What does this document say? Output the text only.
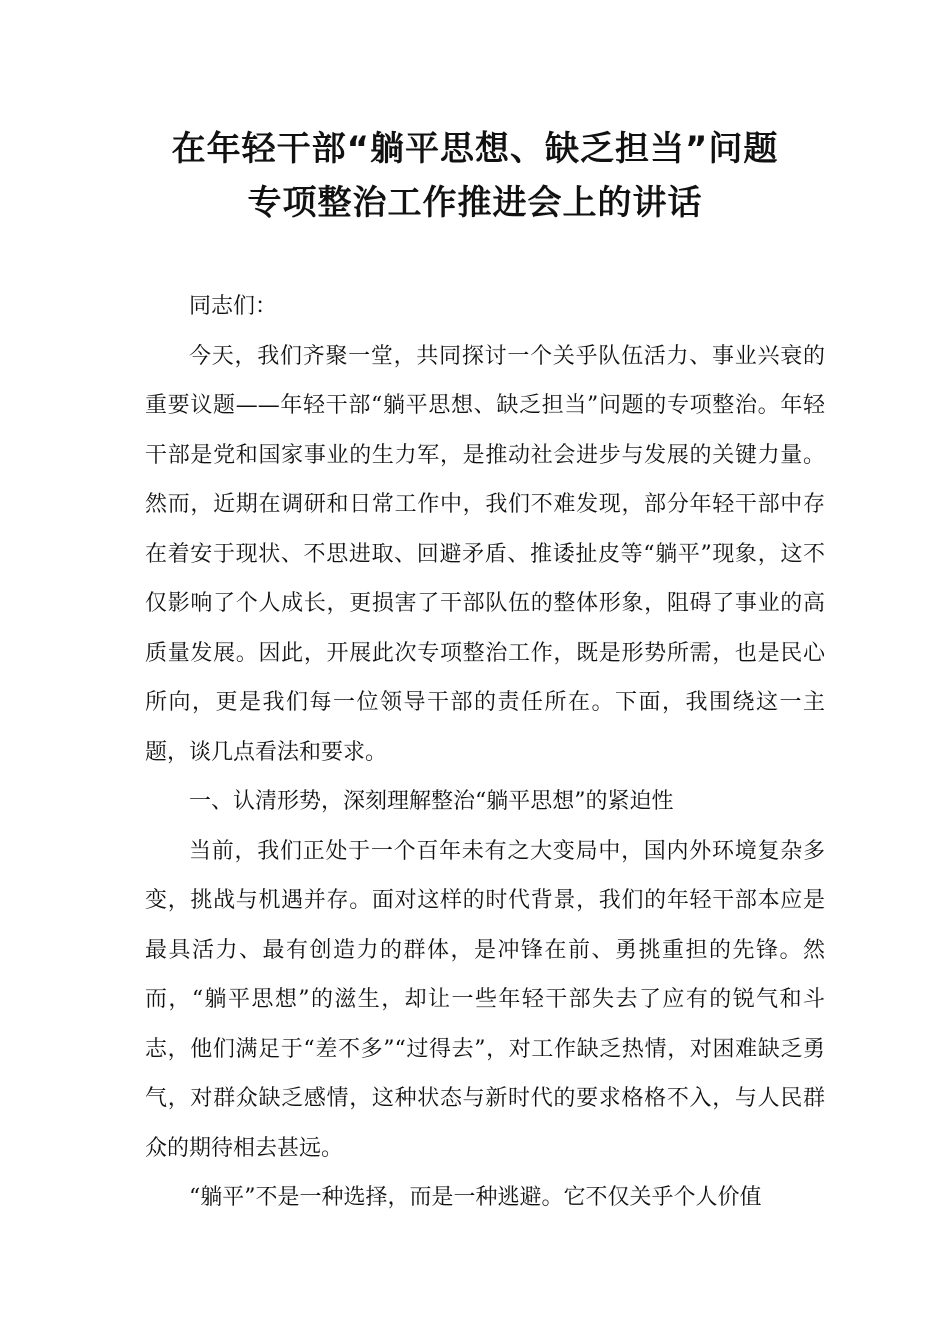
在年轻干部“躺平思想、缺乏担当”问题
专项整治工作推进会上的讲话

同志们：

今天，我们齐聚一堂，共同探讨一个关乎队伍活力、事业兴衰的重要议题——年轻干部“躺平思想、缺乏担当”问题的专项整治。年轻干部是党和国家事业的生力军，是推动社会进步与发展的关键力量。然而，近期在调研和日常工作中，我们不难发现，部分年轻干部中存在着安于现状、不思进取、回避矛盾、推诿扯皮等“躺平”现象，这不仅影响了个人成长，更损害了干部队伍的整体形象，阻碍了事业的高质量发展。因此，开展此次专项整治工作，既是形势所需，也是民心所向，更是我们每一位领导干部的责任所在。下面，我围绕这一主题，谈几点看法和要求。

一、认清形势，深刻理解整治“躺平思想”的紧迫性

当前，我们正处于一个百年未有之大变局中，国内外环境复杂多变，挑战与机遇并存。面对这样的时代背景，我们的年轻干部本应是最具活力、最有创造力的群体，是冲锋在前、勇挑重担的先锋。然而，“躺平思想”的滋生，却让一些年轻干部失去了应有的锐气和斗志，他们满足于“差不多”“过得去”，对工作缺乏热情，对困难缺乏勇气，对群众缺乏感情，这种状态与新时代的要求格格不入，与人民群众的期待相去甚远。

“躺平”不是一种选择，而是一种逃避。它不仅关乎个人价值
